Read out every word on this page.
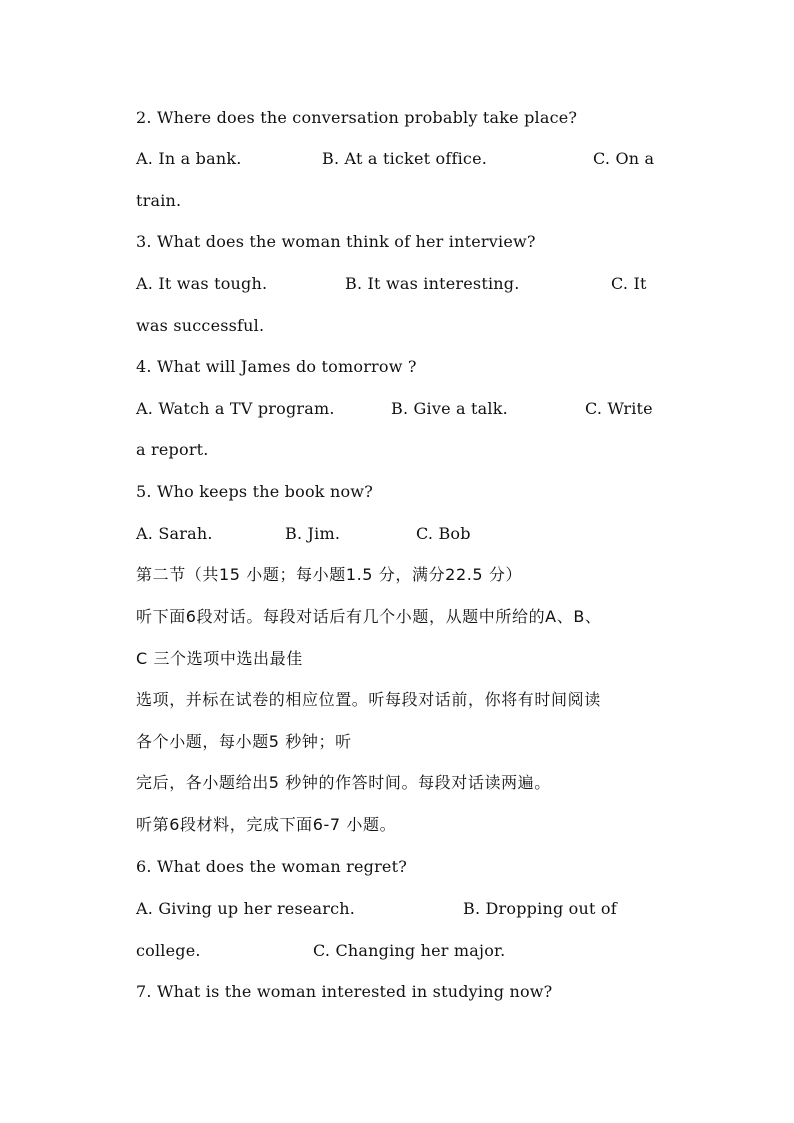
2. Where does the conversation probably take place?
A. In a bank.	B. At a ticket office.	C. On a
train.
3. What does the woman think of her interview?
A. It was tough.	B. It was interesting.	C. It
was successful.
4. What will James do tomorrow ?
A. Watch a TV program.	B. Give a talk.	C. Write
a report.
5. Who keeps the book now?
A. Sarah.	B. Jim.	C. Bob
第二节（共15 小题；每小题1.5 分，满分22.5 分）
听下面6段对话。每段对话后有几个小题，从题中所给的A、B、
C 三个选项中选出最佳
选项，并标在试卷的相应位置。听每段对话前，你将有时间阅读
各个小题，每小题5 秒钟；听
完后，各小题给出5 秒钟的作答时间。每段对话读两遍。
听第6段材料，完成下面6-7 小题。
6. What does the woman regret?
A. Giving up her research.	B. Dropping out of
college.	C. Changing her major.
7. What is the woman interested in studying now?
